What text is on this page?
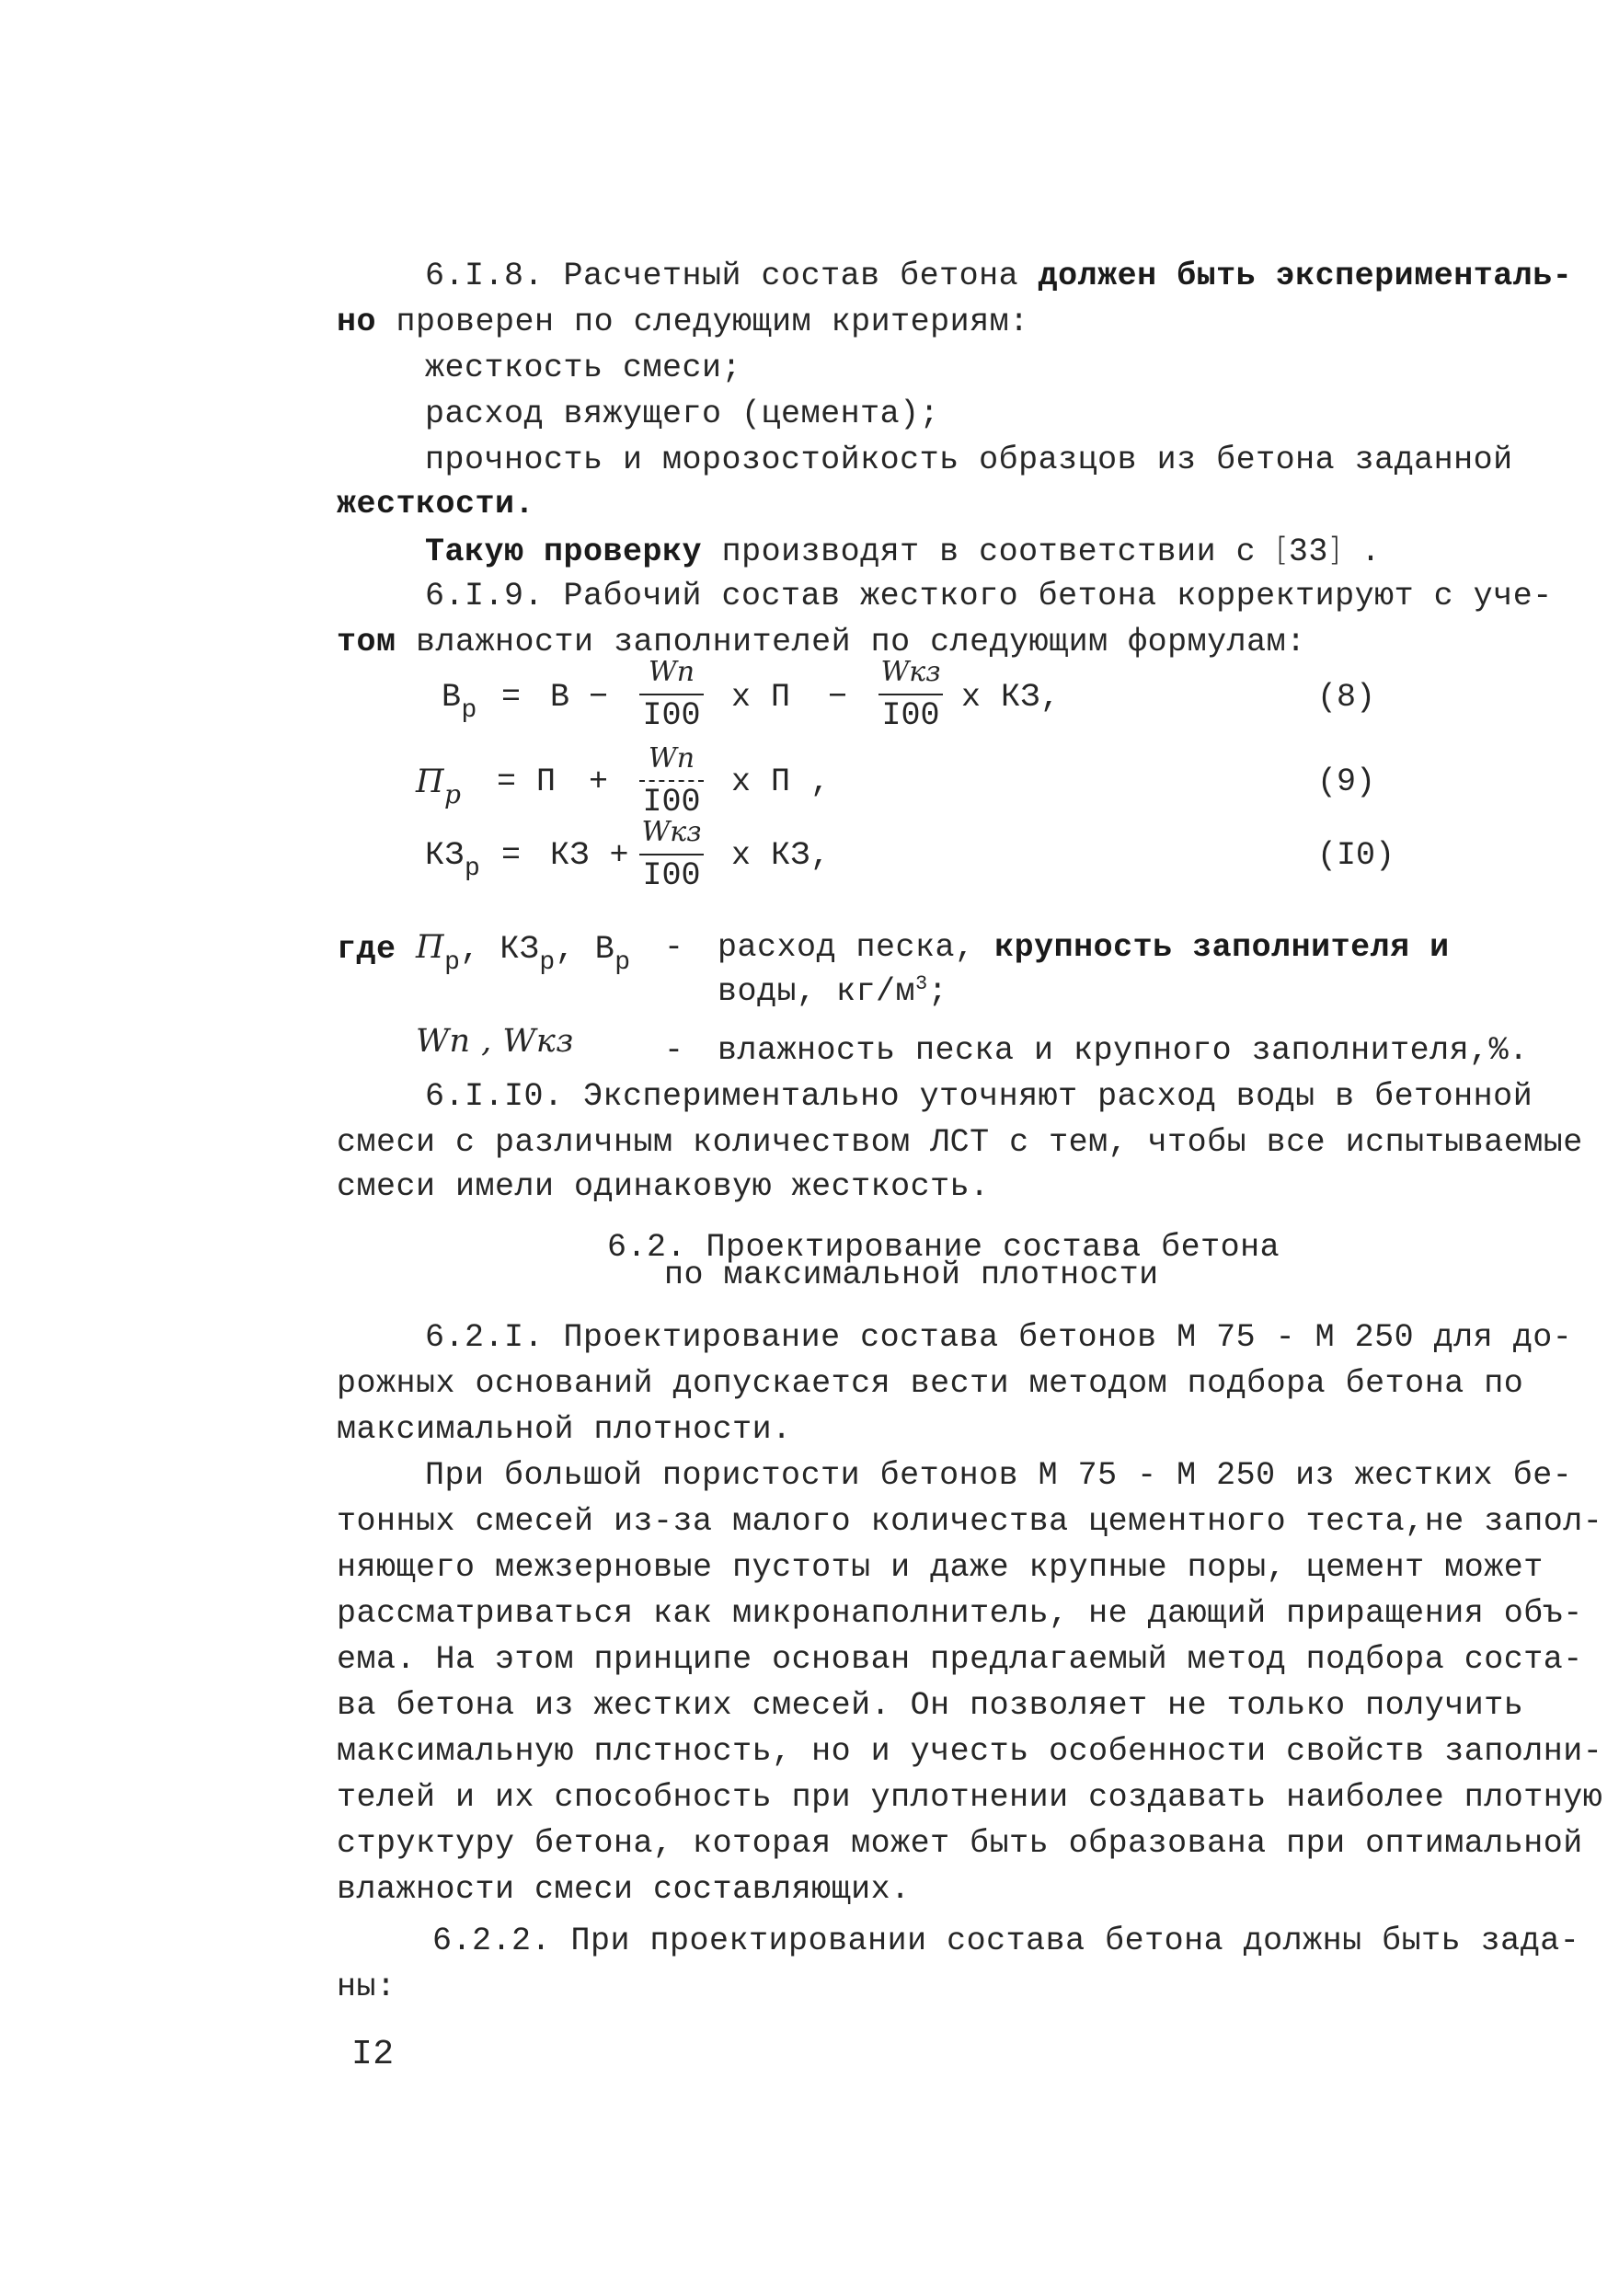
6.I.8. Расчетный состав бетона должен быть эксперименталь-
но проверен по следующим критериям:
жесткость смеси;
расход вяжущего (цемента);
прочность и морозостойкость образцов из бетона заданной
жесткости.
Такую проверку производят в соответствии с [33] .
6.I.9. Рабочий состав жесткого бетона корректируют с уче-
том влажности заполнителей по следующим формулам:
$В_р = В$ −
Wп
I00 х П −
Wкз
I00 х КЗ,	(8)
$П_р = П$ +
Wп
I00
х П ,	(9)
$КЗ_р$ = КЗ +
Wкз
I00
х КЗ,	(I0)
где $П_р$, $КЗ_р$, $В_р$ - расход песка, крупность заполнителя и
воды, $кг/м^3$;
Wп , Wкз	- влажность песка и крупного заполнителя,%.
6.I.I0. Экспериментально уточняют расход воды в бетонной
смеси с различным количеством ЛСТ с тем, чтобы все испытываемые
смеси имели одинаковую жесткость.
6.2. Проектирование состава бетона
по максимальной плотности
6.2.I. Проектирование состава бетонов М 75 - М 250 для до-
рожных оснований допускается вести методом подбора бетона по
максимальной плотности.
При большой пористости бетонов М 75 - М 250 из жестких бе-
тонных смесей из-за малого количества цементного теста,не запол-
няющего межзерновые пустоты и даже крупные поры, цемент может
рассматриваться как микронаполнитель, не дающий приращения объ-
ема. На этом принципе основан предлагаемый метод подбора соста-
ва бетона из жестких смесей. Он позволяет не только получить
максимальную плстность, но и учесть особенности свойств заполни-
телей и их способность при уплотнении создавать наиболее плотную
структуру бетона, которая может быть образована при оптимальной
влажности смеси составляющих.
6.2.2. При проектировании состава бетона должны быть зада-
ны:
I2
